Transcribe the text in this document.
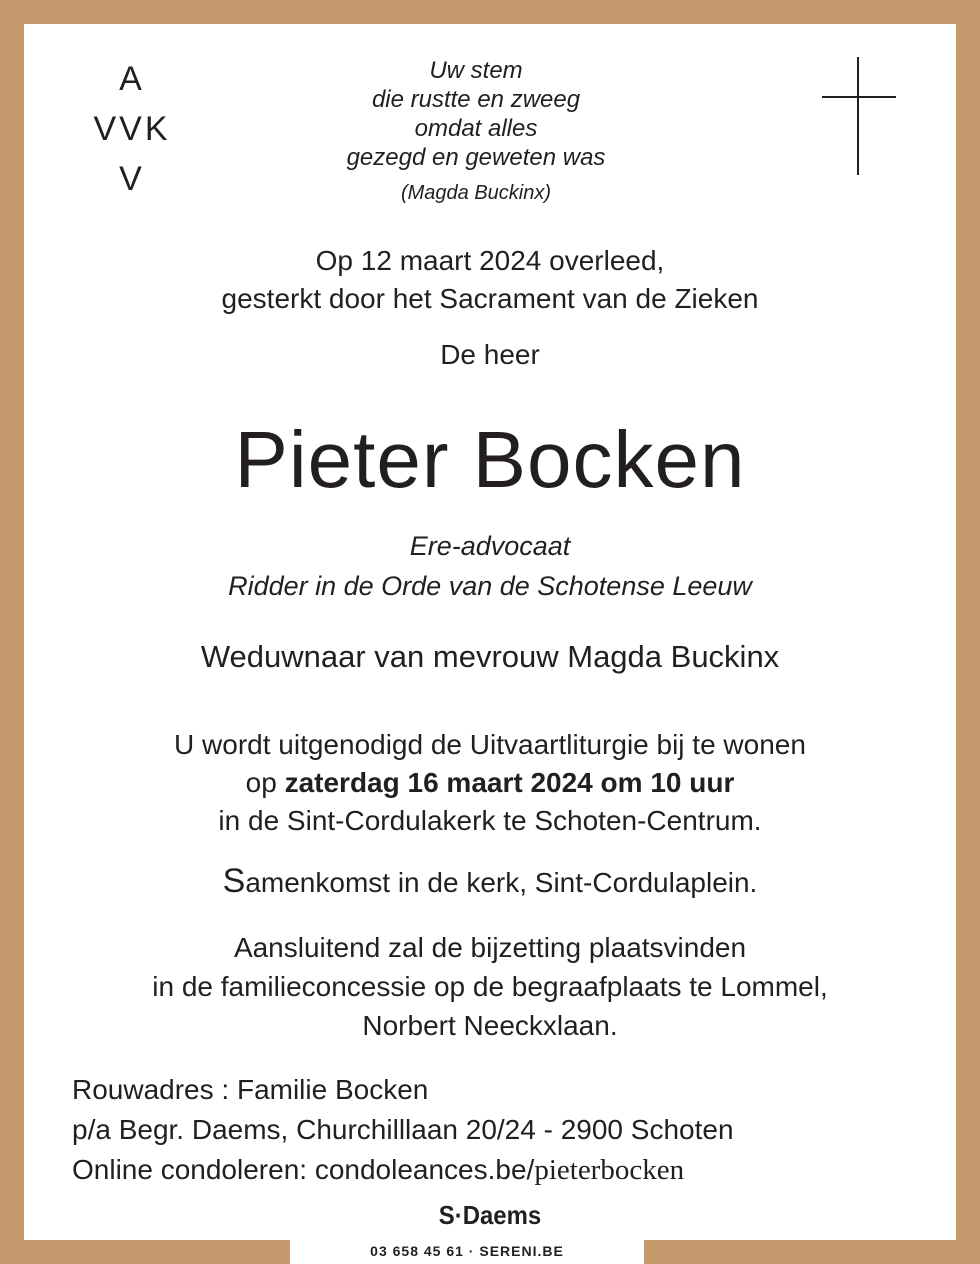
A
VVK
V
Uw stem
die rustte en zweeg
omdat alles
gezegd en geweten was
(Magda Buckinx)
Op 12 maart 2024 overleed,
gesterkt door het Sacrament van de Zieken
De heer
Pieter Bocken
Ere-advocaat
Ridder in de Orde van de Schotense Leeuw
Weduwnaar van mevrouw Magda Buckinx
U wordt uitgenodigd de Uitvaartliturgie bij te wonen
op zaterdag 16 maart 2024 om 10 uur
in de Sint-Cordulakerk te Schoten-Centrum.
Samenkomst in de kerk, Sint-Cordulaplein.
Aansluitend zal de bijzetting plaatsvinden
in de familieconcessie op de begraafplaats te Lommel,
Norbert Neeckxlaan.
Rouwadres : Familie Bocken
p/a Begr. Daems, Churchilllaan 20/24 - 2900 Schoten
Online condoleren: condoleances.be/pieterbocken
S·Daems
03 658 45 61 · SERENI.BE
